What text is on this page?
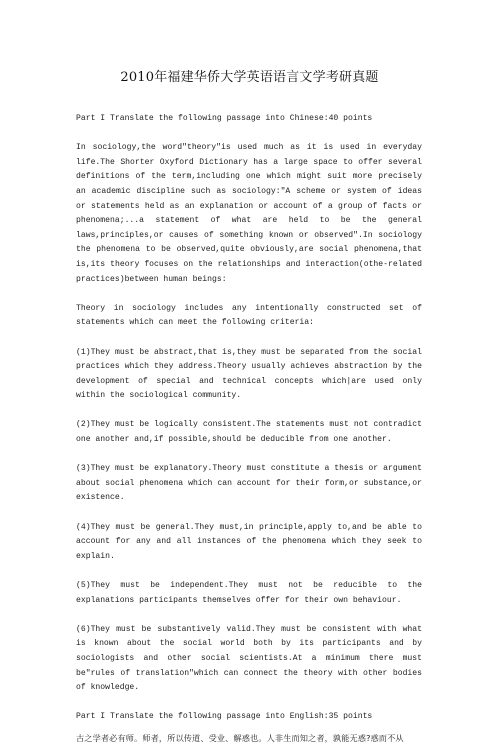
2010年福建华侨大学英语语言文学考研真题
Part I Translate the following passage into Chinese:40 points

In sociology,the word"theory"is used much as it is used in everyday life.The Shorter Oxyford Dictionary has a large space to offer several definitions of the term,including one which might suit more precisely an academic discipline such as sociology:"A scheme or system of ideas or statements held as an explanation or account of a group of facts or phenomena;...a statement of what are held to be the general laws,principles,or causes of something known or observed".In sociology the phenomena to be observed,quite obviously,are social phenomena,that is,its theory focuses on the relationships and interaction(othe-related practices)between human beings:

Theory in sociology includes any intentionally constructed set of statements which can meet the following criteria:

(1)They must be abstract,that is,they must be separated from the social practices which they address.Theory usually achieves abstraction by the development of special and technical concepts which|are used only within the sociological community.

(2)They must be logically consistent.The statements must not contradict one another and,if possible,should be deducible from one another.

(3)They must be explanatory.Theory must constitute a thesis or argument about social phenomena which can account for their form,or substance,or existence.

(4)They must be general.They must,in principle,apply to,and be able to account for any and all instances of the phenomena which they seek to explain.

(5)They must be independent.They must not be reducible to the explanations participants themselves offer for their own behaviour.

(6)They must be substantively valid.They must be consistent with what is known about the social world both by its participants and by sociologists and other social scientists.At a minimum there must be"rules of translation"which can connect the theory with other bodies of knowledge.

Part I Translate the following passage into English:35 points
古之学者必有师。师者，所以传道、受业、解惑也。人非生而知之者，孰能无惑?惑而不从
